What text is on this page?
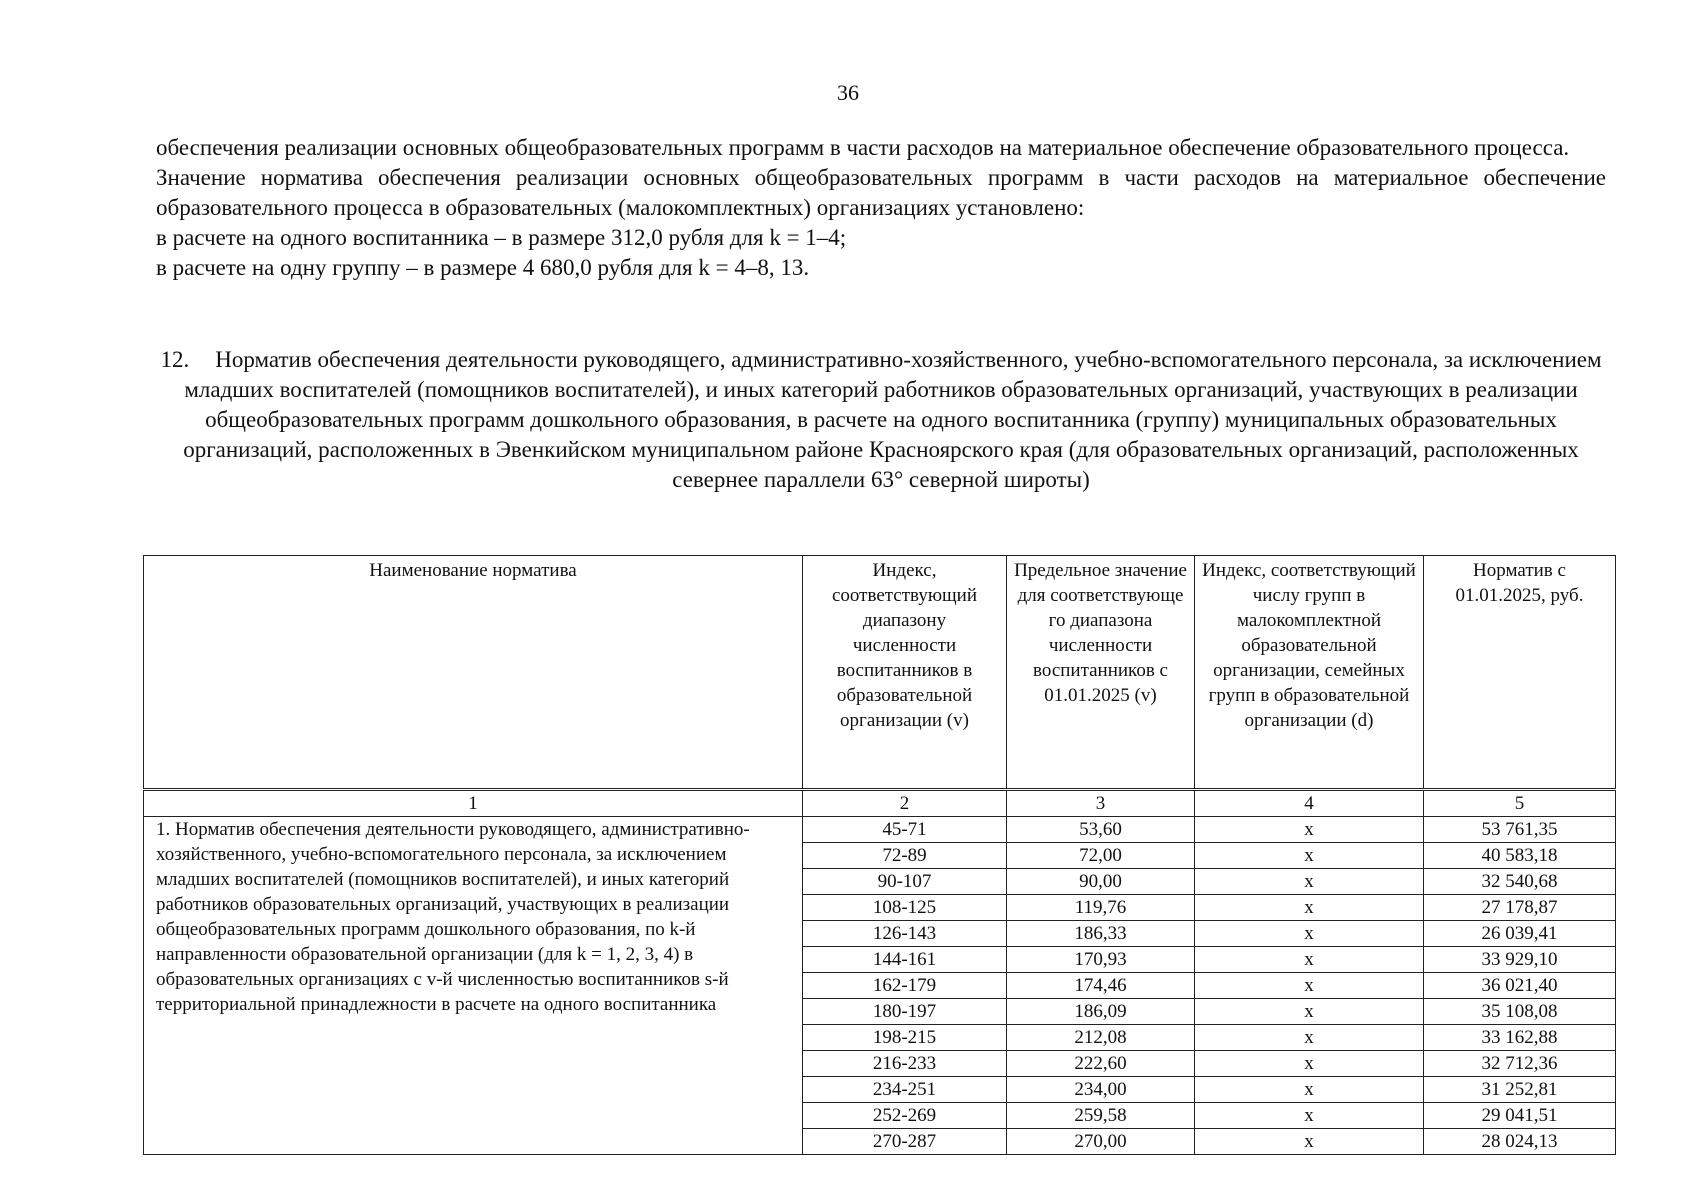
36

обеспечения реализации основных общеобразовательных программ в части расходов на материальное обеспечение образовательного процесса.

Значение норматива обеспечения реализации основных общеобразовательных программ в части расходов на материальное обеспечение образовательного процесса в образовательных (малокомплектных) организациях установлено:

в расчете на одного воспитанника – в размере 312,0 рубля для k = 1–4;

в расчете на одну группу – в размере 4 680,0 рубля для k = 4–8, 13.

12. Норматив обеспечения деятельности руководящего, административно-хозяйственного, учебно-вспомогательного персонала, за исключением младших воспитателей (помощников воспитателей), и иных категорий работников образовательных организаций, участвующих в реализации общеобразовательных программ дошкольного образования, в расчете на одного воспитанника (группу) муниципальных образовательных организаций, расположенных в Эвенкийском муниципальном районе Красноярского края (для образовательных организаций, расположенных севернее параллели 63° северной широты)
Наименование норматива	Индекс, соответствующий диапазону численности воспитанников в образовательной организации (v)	Предельное значение для соответствующе го диапазона численности воспитанников с 01.01.2025 (v)	Индекс, соответствующий числу групп в малокомплектной образовательной организации, семейных групп в образовательной организации (d)	Норматив с 01.01.2025, руб.
1	2	3	4	5
1. Норматив обеспечения деятельности руководящего, административно-хозяйственного, учебно-вспомогательного персонала, за исключением младших воспитателей (помощников воспитателей), и иных категорий работников образовательных организаций, участвующих в реализации общеобразовательных программ дошкольного образования, по k-й направленности образовательной организации (для k = 1, 2, 3, 4) в образовательных организациях с v-й численностью воспитанников s-й территориальной принадлежности в расчете на одного воспитанника	45-71	53,60	x	53 761,35
	72-89	72,00	x	40 583,18
	90-107	90,00	x	32 540,68
	108-125	119,76	x	27 178,87
	126-143	186,33	x	26 039,41
	144-161	170,93	x	33 929,10
	162-179	174,46	x	36 021,40
	180-197	186,09	x	35 108,08
	198-215	212,08	x	33 162,88
	216-233	222,60	x	32 712,36
	234-251	234,00	x	31 252,81
	252-269	259,58	x	29 041,51
	270-287	270,00	x	28 024,13
